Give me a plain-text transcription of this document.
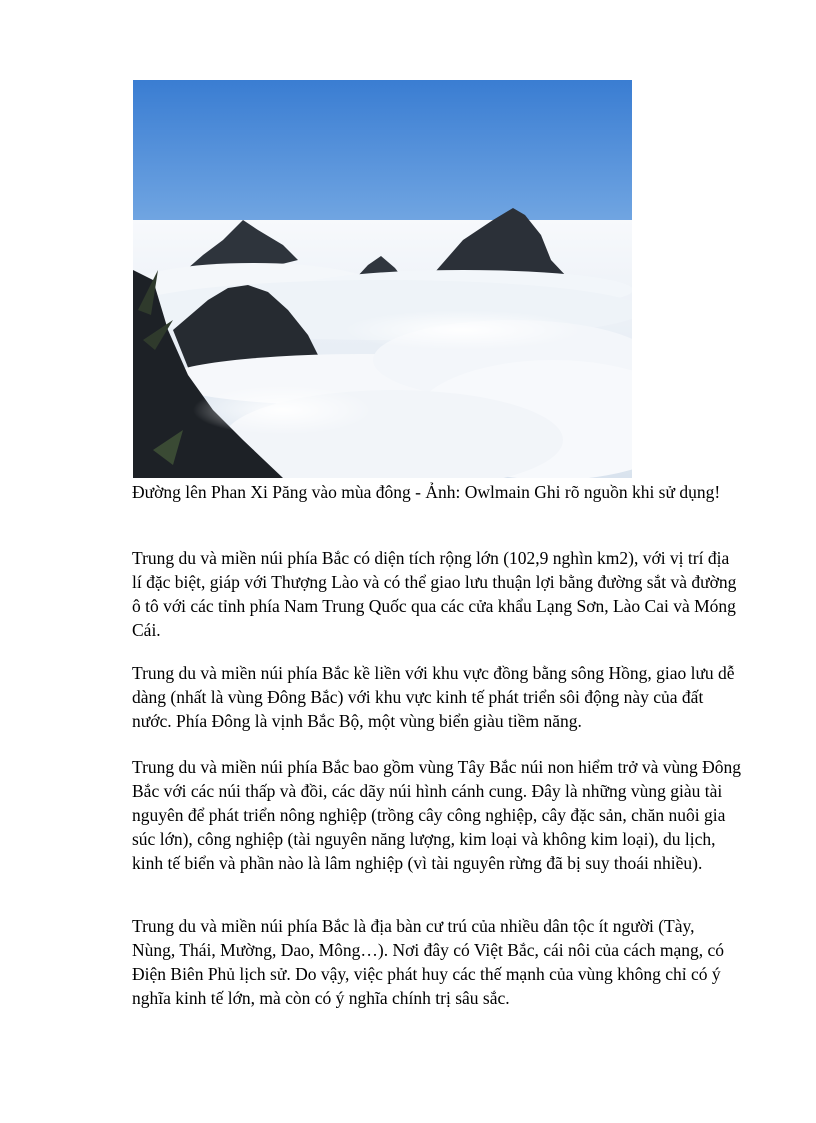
Đường lên Phan Xi Păng vào mùa đông - Ảnh: Owlmain Ghi rõ nguồn khi sử dụng!

Trung du và miền núi phía Bắc có diện tích rộng lớn (102,9 nghìn km2), với vị trí địa lí đặc biệt, giáp với Thượng Lào và có thể giao lưu thuận lợi bằng đường sắt và đường ô tô với các tỉnh phía Nam Trung Quốc qua các cửa khẩu Lạng Sơn, Lào Cai và Móng Cái.

Trung du và miền núi phía Bắc kề liền với khu vực đồng bằng sông Hồng, giao lưu dễ dàng (nhất là vùng Đông Bắc) với khu vực kinh tế phát triển sôi động này của đất nước. Phía Đông là vịnh Bắc Bộ, một vùng biển giàu tiềm năng.

Trung du và miền núi phía Bắc bao gồm vùng Tây Bắc núi non hiểm trở và vùng Đông Bắc với các núi thấp và đồi, các dãy núi hình cánh cung. Đây là những vùng giàu tài nguyên để phát triển nông nghiệp (trồng cây công nghiệp, cây đặc sản, chăn nuôi gia súc lớn), công nghiệp (tài nguyên năng lượng, kim loại và không kim loại), du lịch, kinh tế biển và phần nào là lâm nghiệp (vì tài nguyên rừng đã bị suy thoái nhiều).

Trung du và miền núi phía Bắc là địa bàn cư trú của nhiều dân tộc ít người (Tày, Nùng, Thái, Mường, Dao, Mông…). Nơi đây có Việt Bắc, cái nôi của cách mạng, có Điện Biên Phủ lịch sử. Do vậy, việc phát huy các thế mạnh của vùng không chỉ có ý nghĩa kinh tế lớn, mà còn có ý nghĩa chính trị sâu sắc.
